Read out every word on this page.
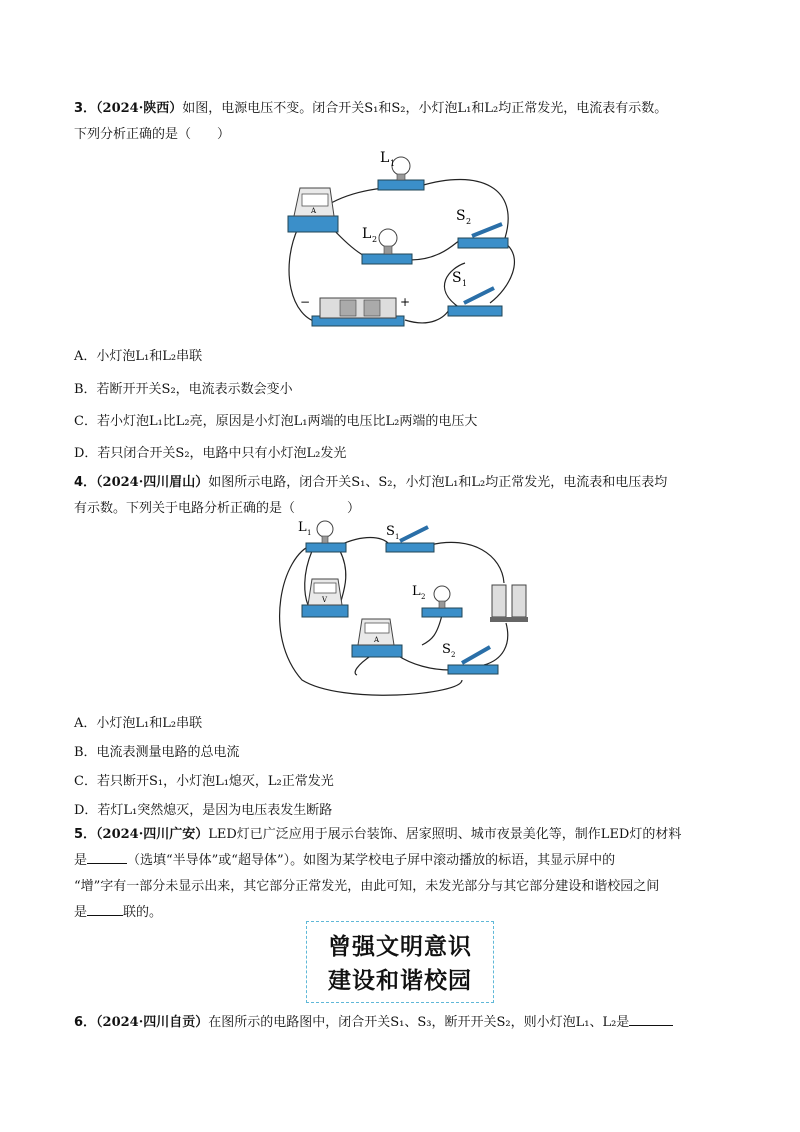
3．（2024·陕西）如图，电源电压不变。闭合开关S₁和S₂，小灯泡L₁和L₂均正常发光，电流表有示数。
下列分析正确的是（　　）
A
L 1
L 2
S 2
S 1
−	+
A．小灯泡L₁和L₂串联
B．若断开开关S₂，电流表示数会变小
C．若小灯泡L₁比L₂亮，原因是小灯泡L₁两端的电压比L₂两端的电压大
D．若只闭合开关S₂，电路中只有小灯泡L₂发光
4．（2024·四川眉山）如图所示电路，闭合开关S₁、S₂，小灯泡L₁和L₂均正常发光，电流表和电压表均
有示数。下列关于电路分析正确的是（　　　　）
L 1	S 1
V
L 2
A
S 2
A．小灯泡L₁和L₂串联
B．电流表测量电路的总电流
C．若只断开S₁，小灯泡L₁熄灭，L₂正常发光
D．若灯L₁突然熄灭，是因为电压表发生断路
5．（2024·四川广安）LED灯已广泛应用于展示台装饰、居家照明、城市夜景美化等，制作LED灯的材料
是	（选填“半导体”或“超导体”）。如图为某学校电子屏中滚动播放的标语，其显示屏中的
“增”字有一部分未显示出来，其它部分正常发光，由此可知，未发光部分与其它部分建设和谐校园之间
是	联的。
曾强文明意识
建设和谐校园
6．（2024·四川自贡）在图所示的电路图中，闭合开关S₁、S₃，断开开关S₂，则小灯泡L₁、L₂是
